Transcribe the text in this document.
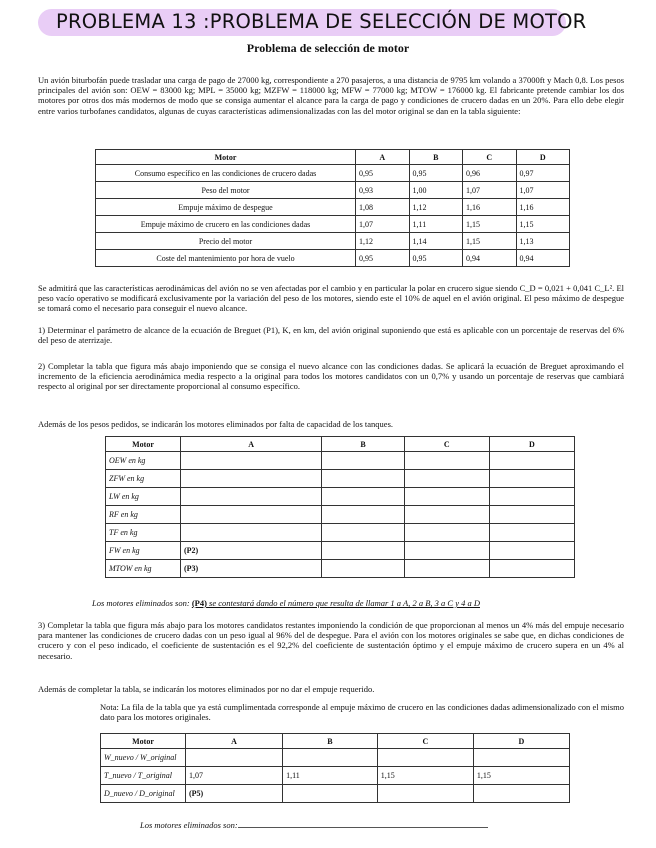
PROBLEMA 13 :PROBLEMA DE SELECCIÓN DE MOTOR
Problema de selección de motor
Un avión biturbofán puede trasladar una carga de pago de 27000 kg, correspondiente a 270 pasajeros, a una distancia de 9795 km volando a 37000ft y Mach 0,8. Los pesos principales del avión son: OEW = 83000 kg; MPL = 35000 kg; MZFW = 118000 kg; MFW = 77000 kg; MTOW = 176000 kg. El fabricante pretende cambiar los dos motores por otros dos más modernos de modo que se consiga aumentar el alcance para la carga de pago y condiciones de crucero dadas en un 20%. Para ello debe elegir entre varios turbofanes candidatos, algunas de cuyas características adimensionalizadas con las del motor original se dan en la tabla siguiente:
Motor	A	B	C	D
Consumo específico en las condiciones de crucero dadas	0,95	0,95	0,96	0,97
Peso del motor	0,93	1,00	1,07	1,07
Empuje máximo de despegue	1,08	1,12	1,16	1,16
Empuje máximo de crucero en las condiciones dadas	1,07	1,11	1,15	1,15
Precio del motor	1,12	1,14	1,15	1,13
Coste del mantenimiento por hora de vuelo	0,95	0,95	0,94	0,94
Se admitirá que las características aerodinámicas del avión no se ven afectadas por el cambio y en particular la polar en crucero sigue siendo C_D = 0,021 + 0,041 C_L². El peso vacío operativo se modificará exclusivamente por la variación del peso de los motores, siendo este el 10% de aquel en el avión original. El peso máximo de despegue se tomará como el necesario para conseguir el nuevo alcance.
1) Determinar el parámetro de alcance de la ecuación de Breguet (P1), K, en km, del avión original suponiendo que está es aplicable con un porcentaje de reservas del 6% del peso de aterrizaje.
2) Completar la tabla que figura más abajo imponiendo que se consiga el nuevo alcance con las condiciones dadas. Se aplicará la ecuación de Breguet aproximando el incremento de la eficiencia aerodinámica media respecto a la original para todos los motores candidatos con un 0,7% y usando un porcentaje de reservas que cambiará respecto al original por ser directamente proporcional al consumo específico.
Además de los pesos pedidos, se indicarán los motores eliminados por falta de capacidad de los tanques.
Motor	A	B	C	D
OEW en kg				
ZFW en kg				
LW en kg				
RF en kg				
TF en kg				
FW en kg	(P2)			
MTOW en kg	(P3)			
Los motores eliminados son: (P4) se contestará dando el número que resulta de llamar 1 a A, 2 a B, 3 a C y 4 a D
3) Completar la tabla que figura más abajo para los motores candidatos restantes imponiendo la condición de que proporcionan al menos un 4% más del empuje necesario para mantener las condiciones de crucero dadas con un peso igual al 96% del de despegue. Para el avión con los motores originales se sabe que, en dichas condiciones de crucero y con el peso indicado, el coeficiente de sustentación es el 92,2% del coeficiente de sustentación óptimo y el empuje máximo de crucero supera en un 4% al necesario.
Además de completar la tabla, se indicarán los motores eliminados por no dar el empuje requerido.
Nota: La fila de la tabla que ya está cumplimentada corresponde al empuje máximo de crucero en las condiciones dadas adimensionalizado con el mismo dato para los motores originales.
Motor	A	B	C	D
W_nuevo / W_original				
T_nuevo / T_original	1,07	1,11	1,15	1,15
D_nuevo / D_original	(P5)			
Los motores eliminados son:
